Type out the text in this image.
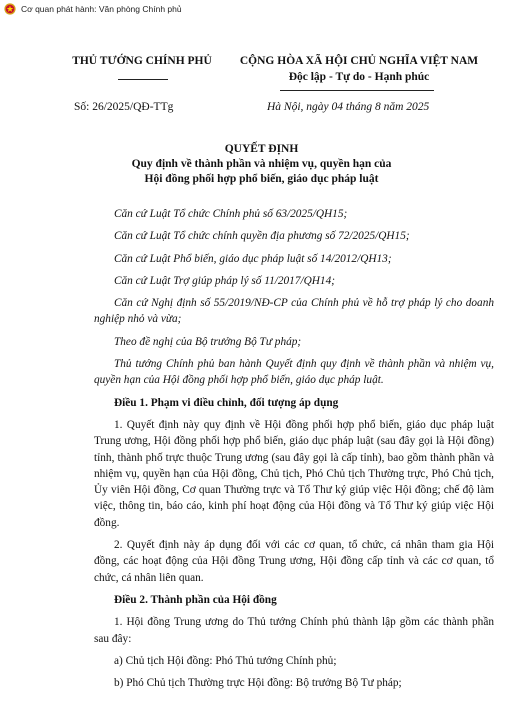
Cơ quan phát hành: Văn phòng Chính phủ
THỦ TƯỚNG CHÍNH PHỦ	CỘNG HÒA XÃ HỘI CHỦ NGHĨA VIỆT NAM
Độc lập - Tự do - Hạnh phúc
Số: 26/2025/QĐ-TTg	Hà Nội, ngày 04 tháng 8 năm 2025
QUYẾT ĐỊNH
Quy định về thành phần và nhiệm vụ, quyền hạn của
Hội đồng phối hợp phổ biến, giáo dục pháp luật

Căn cứ Luật Tổ chức Chính phủ số 63/2025/QH15;

Căn cứ Luật Tổ chức chính quyền địa phương số 72/2025/QH15;

Căn cứ Luật Phổ biến, giáo dục pháp luật số 14/2012/QH13;

Căn cứ Luật Trợ giúp pháp lý số 11/2017/QH14;

Căn cứ Nghị định số 55/2019/NĐ-CP của Chính phủ về hỗ trợ pháp lý cho doanh nghiệp nhỏ và vừa;

Theo đề nghị của Bộ trưởng Bộ Tư pháp;

Thủ tướng Chính phủ ban hành Quyết định quy định về thành phần và nhiệm vụ, quyền hạn của Hội đồng phối hợp phổ biến, giáo dục pháp luật.

Điều 1. Phạm vi điều chỉnh, đối tượng áp dụng

1. Quyết định này quy định về Hội đồng phối hợp phổ biến, giáo dục pháp luật Trung ương, Hội đồng phối hợp phổ biến, giáo dục pháp luật (sau đây gọi là Hội đồng) tỉnh, thành phố trực thuộc Trung ương (sau đây gọi là cấp tỉnh), bao gồm thành phần và nhiệm vụ, quyền hạn của Hội đồng, Chủ tịch, Phó Chủ tịch Thường trực, Phó Chủ tịch, Ủy viên Hội đồng, Cơ quan Thường trực và Tổ Thư ký giúp việc Hội đồng; chế độ làm việc, thông tin, báo cáo, kinh phí hoạt động của Hội đồng và Tổ Thư ký giúp việc Hội đồng.

2. Quyết định này áp dụng đối với các cơ quan, tổ chức, cá nhân tham gia Hội đồng, các hoạt động của Hội đồng Trung ương, Hội đồng cấp tỉnh và các cơ quan, tổ chức, cá nhân liên quan.

Điều 2. Thành phần của Hội đồng

1. Hội đồng Trung ương do Thủ tướng Chính phủ thành lập gồm các thành phần sau đây:

a) Chủ tịch Hội đồng: Phó Thủ tướng Chính phủ;

b) Phó Chủ tịch Thường trực Hội đồng: Bộ trưởng Bộ Tư pháp;
